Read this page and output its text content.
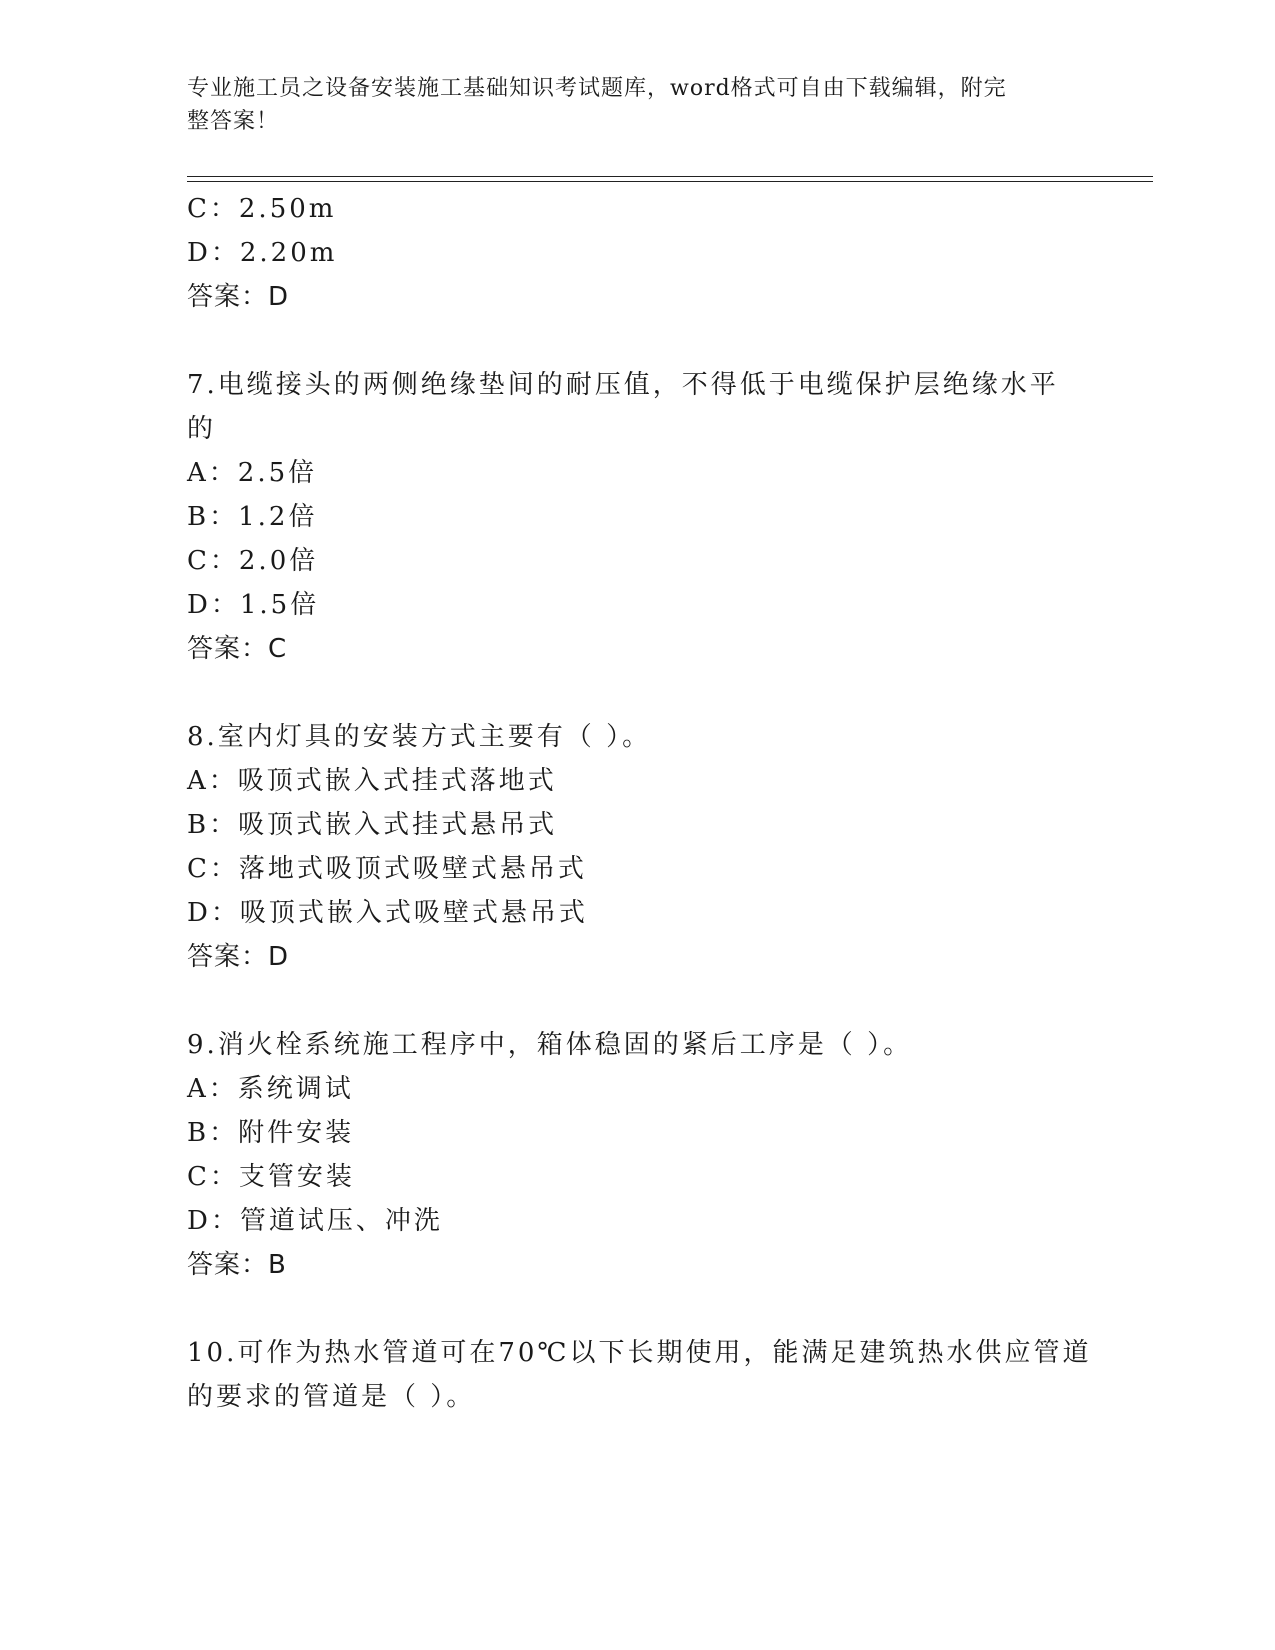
专业施工员之设备安装施工基础知识考试题库，word格式可自由下载编辑，附完
整答案！
C：2.50m
D：2.20m
答案：D
7.电缆接头的两侧绝缘垫间的耐压值，不得低于电缆保护层绝缘水平
的
A：2.5倍
B：1.2倍
C：2.0倍
D：1.5倍
答案：C
8.室内灯具的安装方式主要有（ ）。
A：吸顶式嵌入式挂式落地式
B：吸顶式嵌入式挂式悬吊式
C：落地式吸顶式吸壁式悬吊式
D：吸顶式嵌入式吸壁式悬吊式
答案：D
9.消火栓系统施工程序中，箱体稳固的紧后工序是（ ）。
A：系统调试
B：附件安装
C：支管安装
D：管道试压、冲洗
答案：B
10.可作为热水管道可在70℃以下长期使用，能满足建筑热水供应管道
的要求的管道是（ ）。
